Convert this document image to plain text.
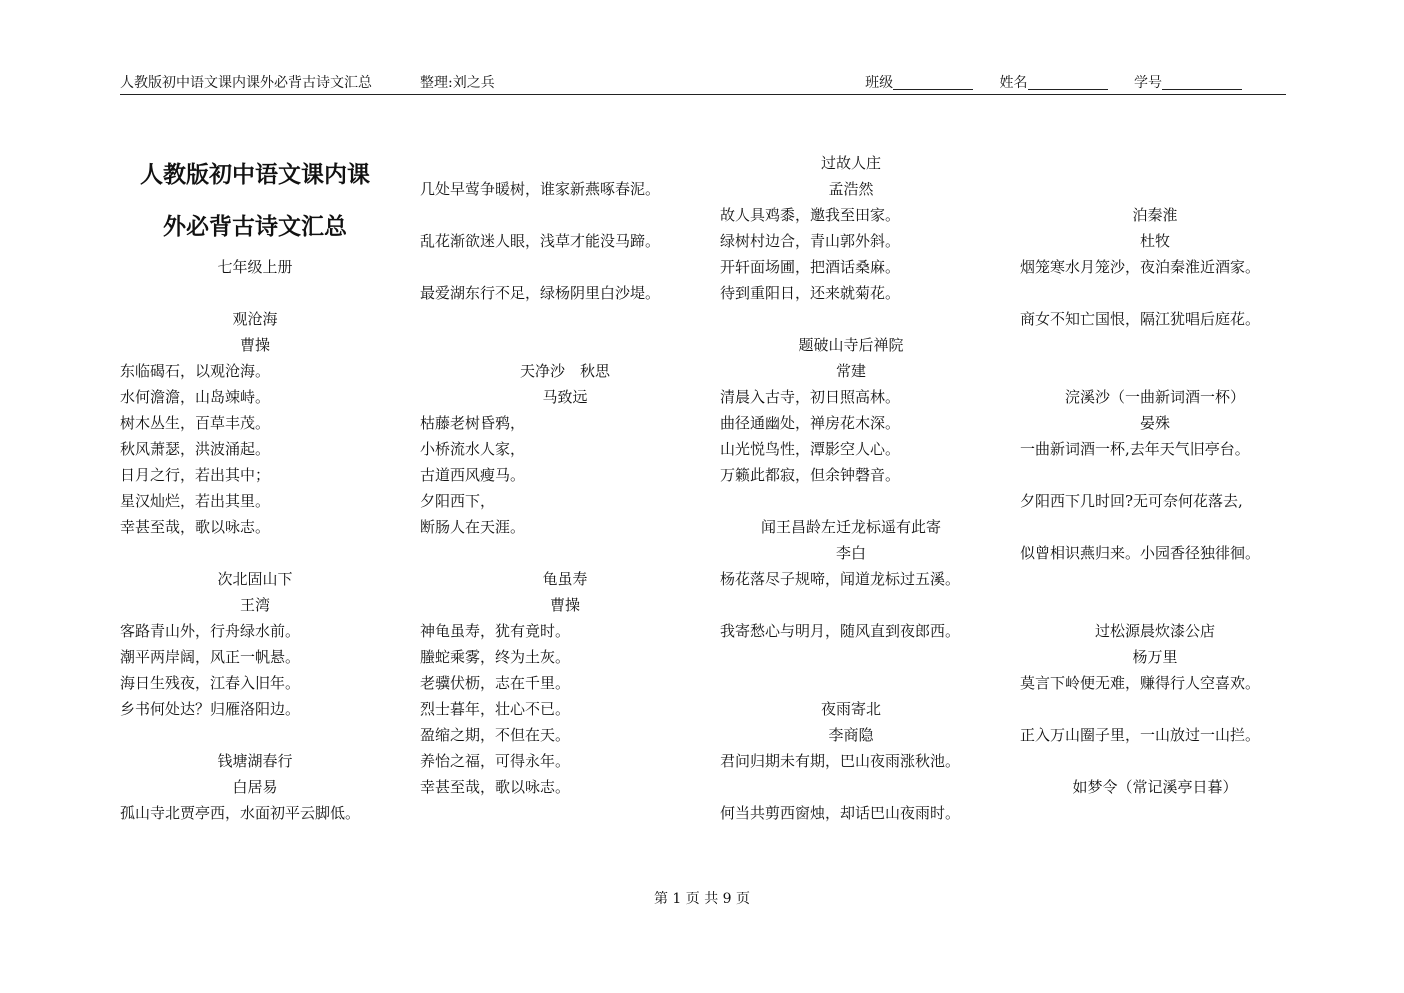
人教版初中语文课内课外必背古诗文汇总	整理:刘之兵	班级	姓名	学号
人教版初中语文课内课
外必背古诗文汇总
七年级上册
观沧海
曹操
东临碣石，以观沧海。
水何澹澹，山岛竦峙。
树木丛生，百草丰茂。
秋风萧瑟，洪波涌起。
日月之行，若出其中；
星汉灿烂，若出其里。
幸甚至哉，歌以咏志。
次北固山下
王湾
客路青山外，行舟绿水前。
潮平两岸阔，风正一帆悬。
海日生残夜，江春入旧年。
乡书何处达？归雁洛阳边。
钱塘湖春行
白居易
孤山寺北贾亭西，水面初平云脚低。
几处早莺争暖树，谁家新燕啄春泥。
乱花渐欲迷人眼，浅草才能没马蹄。
最爱湖东行不足，绿杨阴里白沙堤。
天净沙　秋思
马致远
枯藤老树昏鸦，
小桥流水人家，
古道西风瘦马。
夕阳西下，
断肠人在天涯。
龟虽寿
曹操
神龟虽寿，犹有竟时。
螣蛇乘雾，终为土灰。
老骥伏枥，志在千里。
烈士暮年，壮心不已。
盈缩之期，不但在天。
养怡之福，可得永年。
幸甚至哉，歌以咏志。
过故人庄
孟浩然
故人具鸡黍，邀我至田家。
绿树村边合，青山郭外斜。
开轩面场圃，把酒话桑麻。
待到重阳日，还来就菊花。
题破山寺后禅院
常建
清晨入古寺，初日照高林。
曲径通幽处，禅房花木深。
山光悦鸟性，潭影空人心。
万籁此都寂，但余钟磬音。
闻王昌龄左迁龙标遥有此寄
李白
杨花落尽子规啼，闻道龙标过五溪。
我寄愁心与明月，随风直到夜郎西。
夜雨寄北
李商隐
君问归期未有期，巴山夜雨涨秋池。
何当共剪西窗烛，却话巴山夜雨时。
泊秦淮
杜牧
烟笼寒水月笼沙，夜泊秦淮近酒家。
商女不知亡国恨，隔江犹唱后庭花。
浣溪沙（一曲新词酒一杯）
晏殊
一曲新词酒一杯,去年天气旧亭台。
夕阳西下几时回?无可奈何花落去,
似曾相识燕归来。小园香径独徘徊。
过松源晨炊漆公店
杨万里
莫言下岭便无难，赚得行人空喜欢。
正入万山圈子里，一山放过一山拦。
如梦令（常记溪亭日暮）
第 1 页 共 9 页
